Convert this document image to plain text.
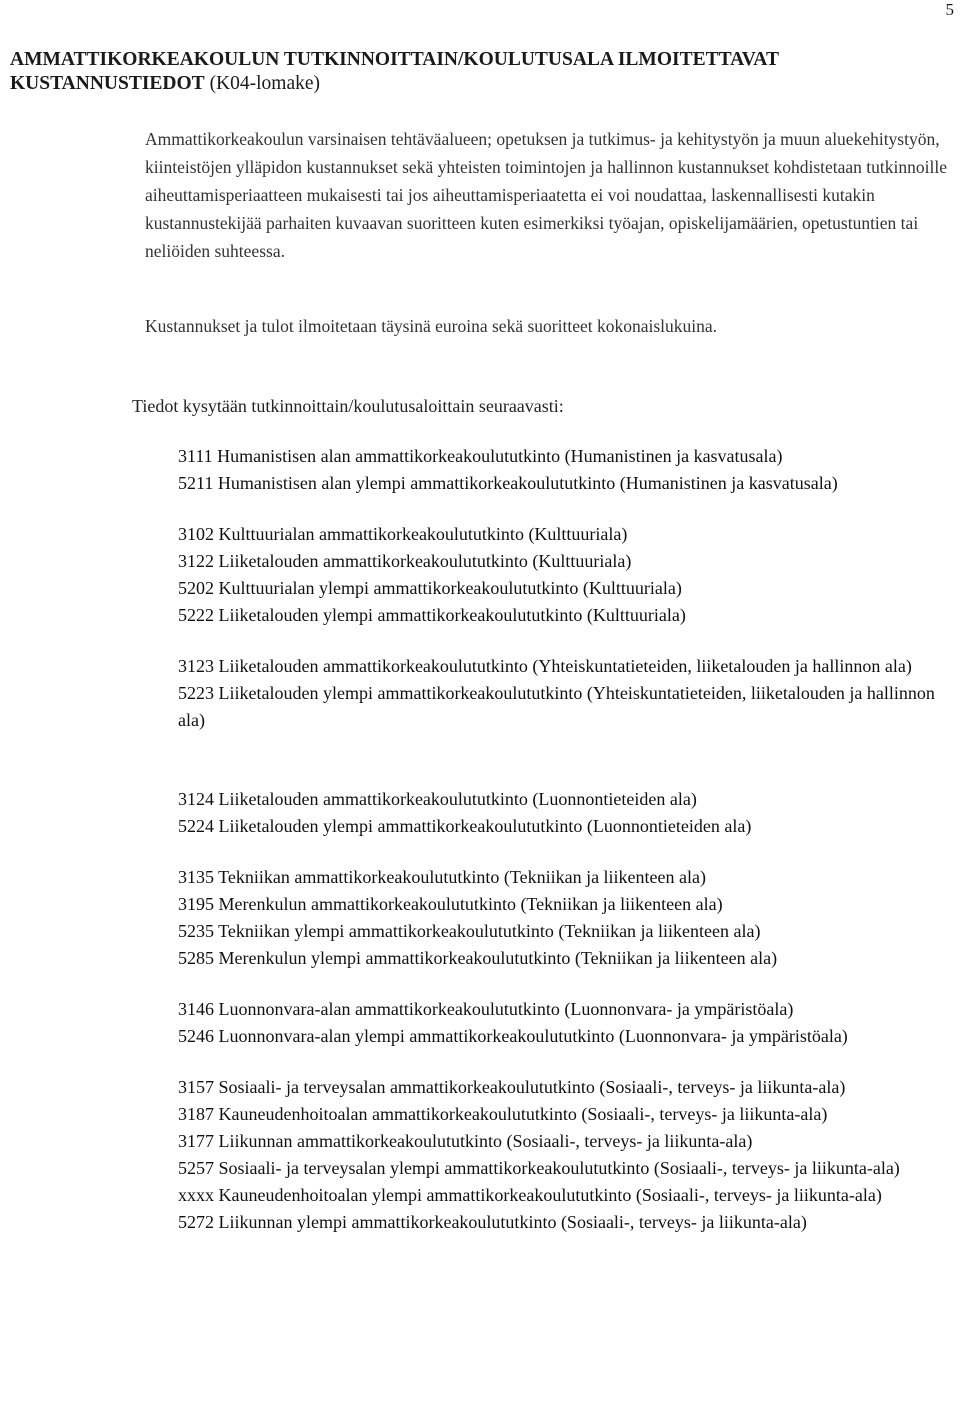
5
AMMATTIKORKEAKOULUN TUTKINNOITTAIN/KOULUTUSALA ILMOITETTAVAT KUSTANNUSTIEDOT (K04-lomake)

Ammattikorkeakoulun varsinaisen tehtäväalueen; opetuksen ja tutkimus- ja kehitystyön ja muun aluekehitystyön, kiinteistöjen ylläpidon kustannukset sekä yhteisten toimintojen ja hallinnon kustannukset kohdistetaan tutkinnoille aiheuttamisperiaatteen mukaisesti tai jos aiheuttamisperiaatetta ei voi noudattaa, laskennallisesti kutakin kustannustekijää parhaiten kuvaavan suoritteen kuten esimerkiksi työajan, opiskelijamäärien, opetustuntien tai neliöiden suhteessa.

Kustannukset ja tulot ilmoitetaan täysinä euroina sekä suoritteet kokonaislukuina.

Tiedot kysytään tutkinnoittain/koulutusaloittain seuraavasti:

3111 Humanistisen alan ammattikorkeakoulututkinto (Humanistinen ja kasvatusala)
5211 Humanistisen alan ylempi ammattikorkeakoulututkinto (Humanistinen ja kasvatusala)
3102 Kulttuurialan ammattikorkeakoulututkinto (Kulttuuriala)
3122 Liiketalouden ammattikorkeakoulututkinto (Kulttuuriala)
5202 Kulttuurialan ylempi ammattikorkeakoulututkinto (Kulttuuriala)
5222 Liiketalouden ylempi ammattikorkeakoulututkinto (Kulttuuriala)
3123 Liiketalouden ammattikorkeakoulututkinto (Yhteiskuntatieteiden, liiketalouden ja hallinnon ala)
5223 Liiketalouden ylempi ammattikorkeakoulututkinto (Yhteiskuntatieteiden, liiketalouden ja hallinnon ala)
3124 Liiketalouden ammattikorkeakoulututkinto (Luonnontieteiden ala)
5224 Liiketalouden ylempi ammattikorkeakoulututkinto (Luonnontieteiden ala)
3135 Tekniikan ammattikorkeakoulututkinto (Tekniikan ja liikenteen ala)
3195 Merenkulun ammattikorkeakoulututkinto (Tekniikan ja liikenteen ala)
5235 Tekniikan ylempi ammattikorkeakoulututkinto (Tekniikan ja liikenteen ala)
5285 Merenkulun ylempi ammattikorkeakoulututkinto (Tekniikan ja liikenteen ala)
3146 Luonnonvara-alan ammattikorkeakoulututkinto (Luonnonvara- ja ympäristöala)
5246 Luonnonvara-alan ylempi ammattikorkeakoulututkinto (Luonnonvara- ja ympäristöala)
3157 Sosiaali- ja terveysalan ammattikorkeakoulututkinto (Sosiaali-, terveys- ja liikunta-ala)
3187 Kauneudenhoitoalan ammattikorkeakoulututkinto (Sosiaali-, terveys- ja liikunta-ala)
3177 Liikunnan ammattikorkeakoulututkinto (Sosiaali-, terveys- ja liikunta-ala)
5257 Sosiaali- ja terveysalan ylempi ammattikorkeakoulututkinto (Sosiaali-, terveys- ja liikunta-ala)
xxxx Kauneudenhoitoalan ylempi ammattikorkeakoulututkinto (Sosiaali-, terveys- ja liikunta-ala)
5272 Liikunnan ylempi ammattikorkeakoulututkinto (Sosiaali-, terveys- ja liikunta-ala)
